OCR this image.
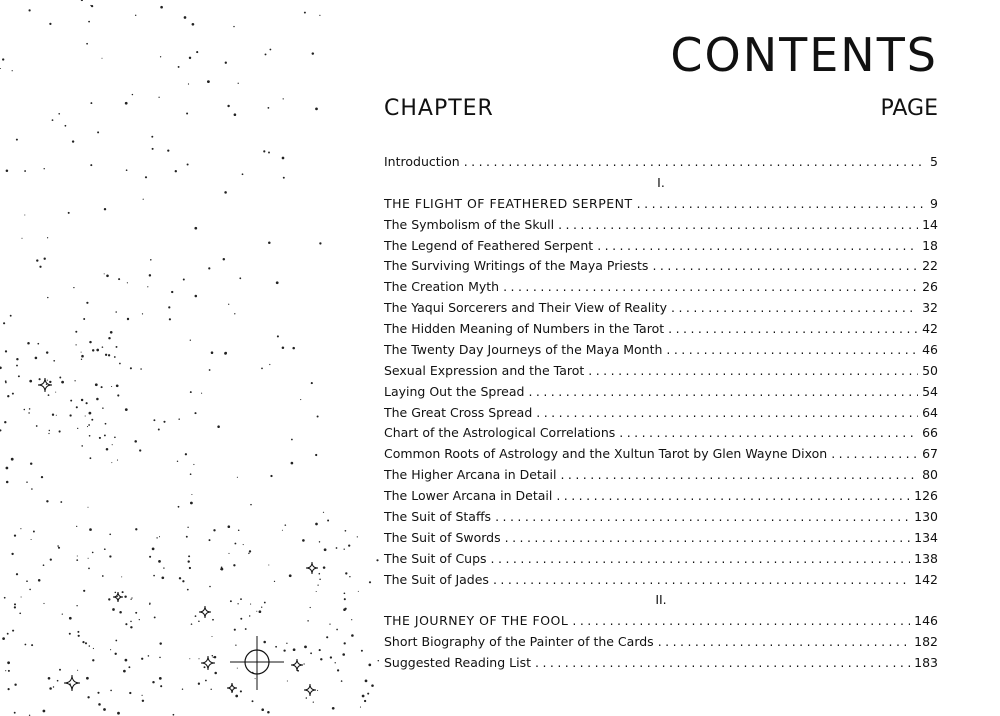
CONTENTS
CHAPTER	PAGE
Introduction . . .	5
I.
THE FLIGHT OF FEATHERED SERPENT . . .	9
The Symbolism of the Skull . . .	14
The Legend of Feathered Serpent . . .	18
The Surviving Writings of the Maya Priests . . .	22
The Creation Myth . . .	26
The Yaqui Sorcerers and Their View of Reality . . .	32
The Hidden Meaning of Numbers in the Tarot . . .	42
The Twenty Day Journeys of the Maya Month . . .	46
Sexual Expression and the Tarot . . .	50
Laying Out the Spread . . .	54
The Great Cross Spread . . .	64
Chart of the Astrological Correlations . . .	66
Common Roots of Astrology and the Xultun Tarot by Glen Wayne Dixon . . .	67
The Higher Arcana in Detail . . .	80
The Lower Arcana in Detail . . .	126
The Suit of Staffs . . .	130
The Suit of Swords . . .	134
The Suit of Cups . . .	138
The Suit of Jades . . .	142
II.
THE JOURNEY OF THE FOOL . . .	146
Short Biography of the Painter of the Cards . . .	182
Suggested Reading List . . .	183
